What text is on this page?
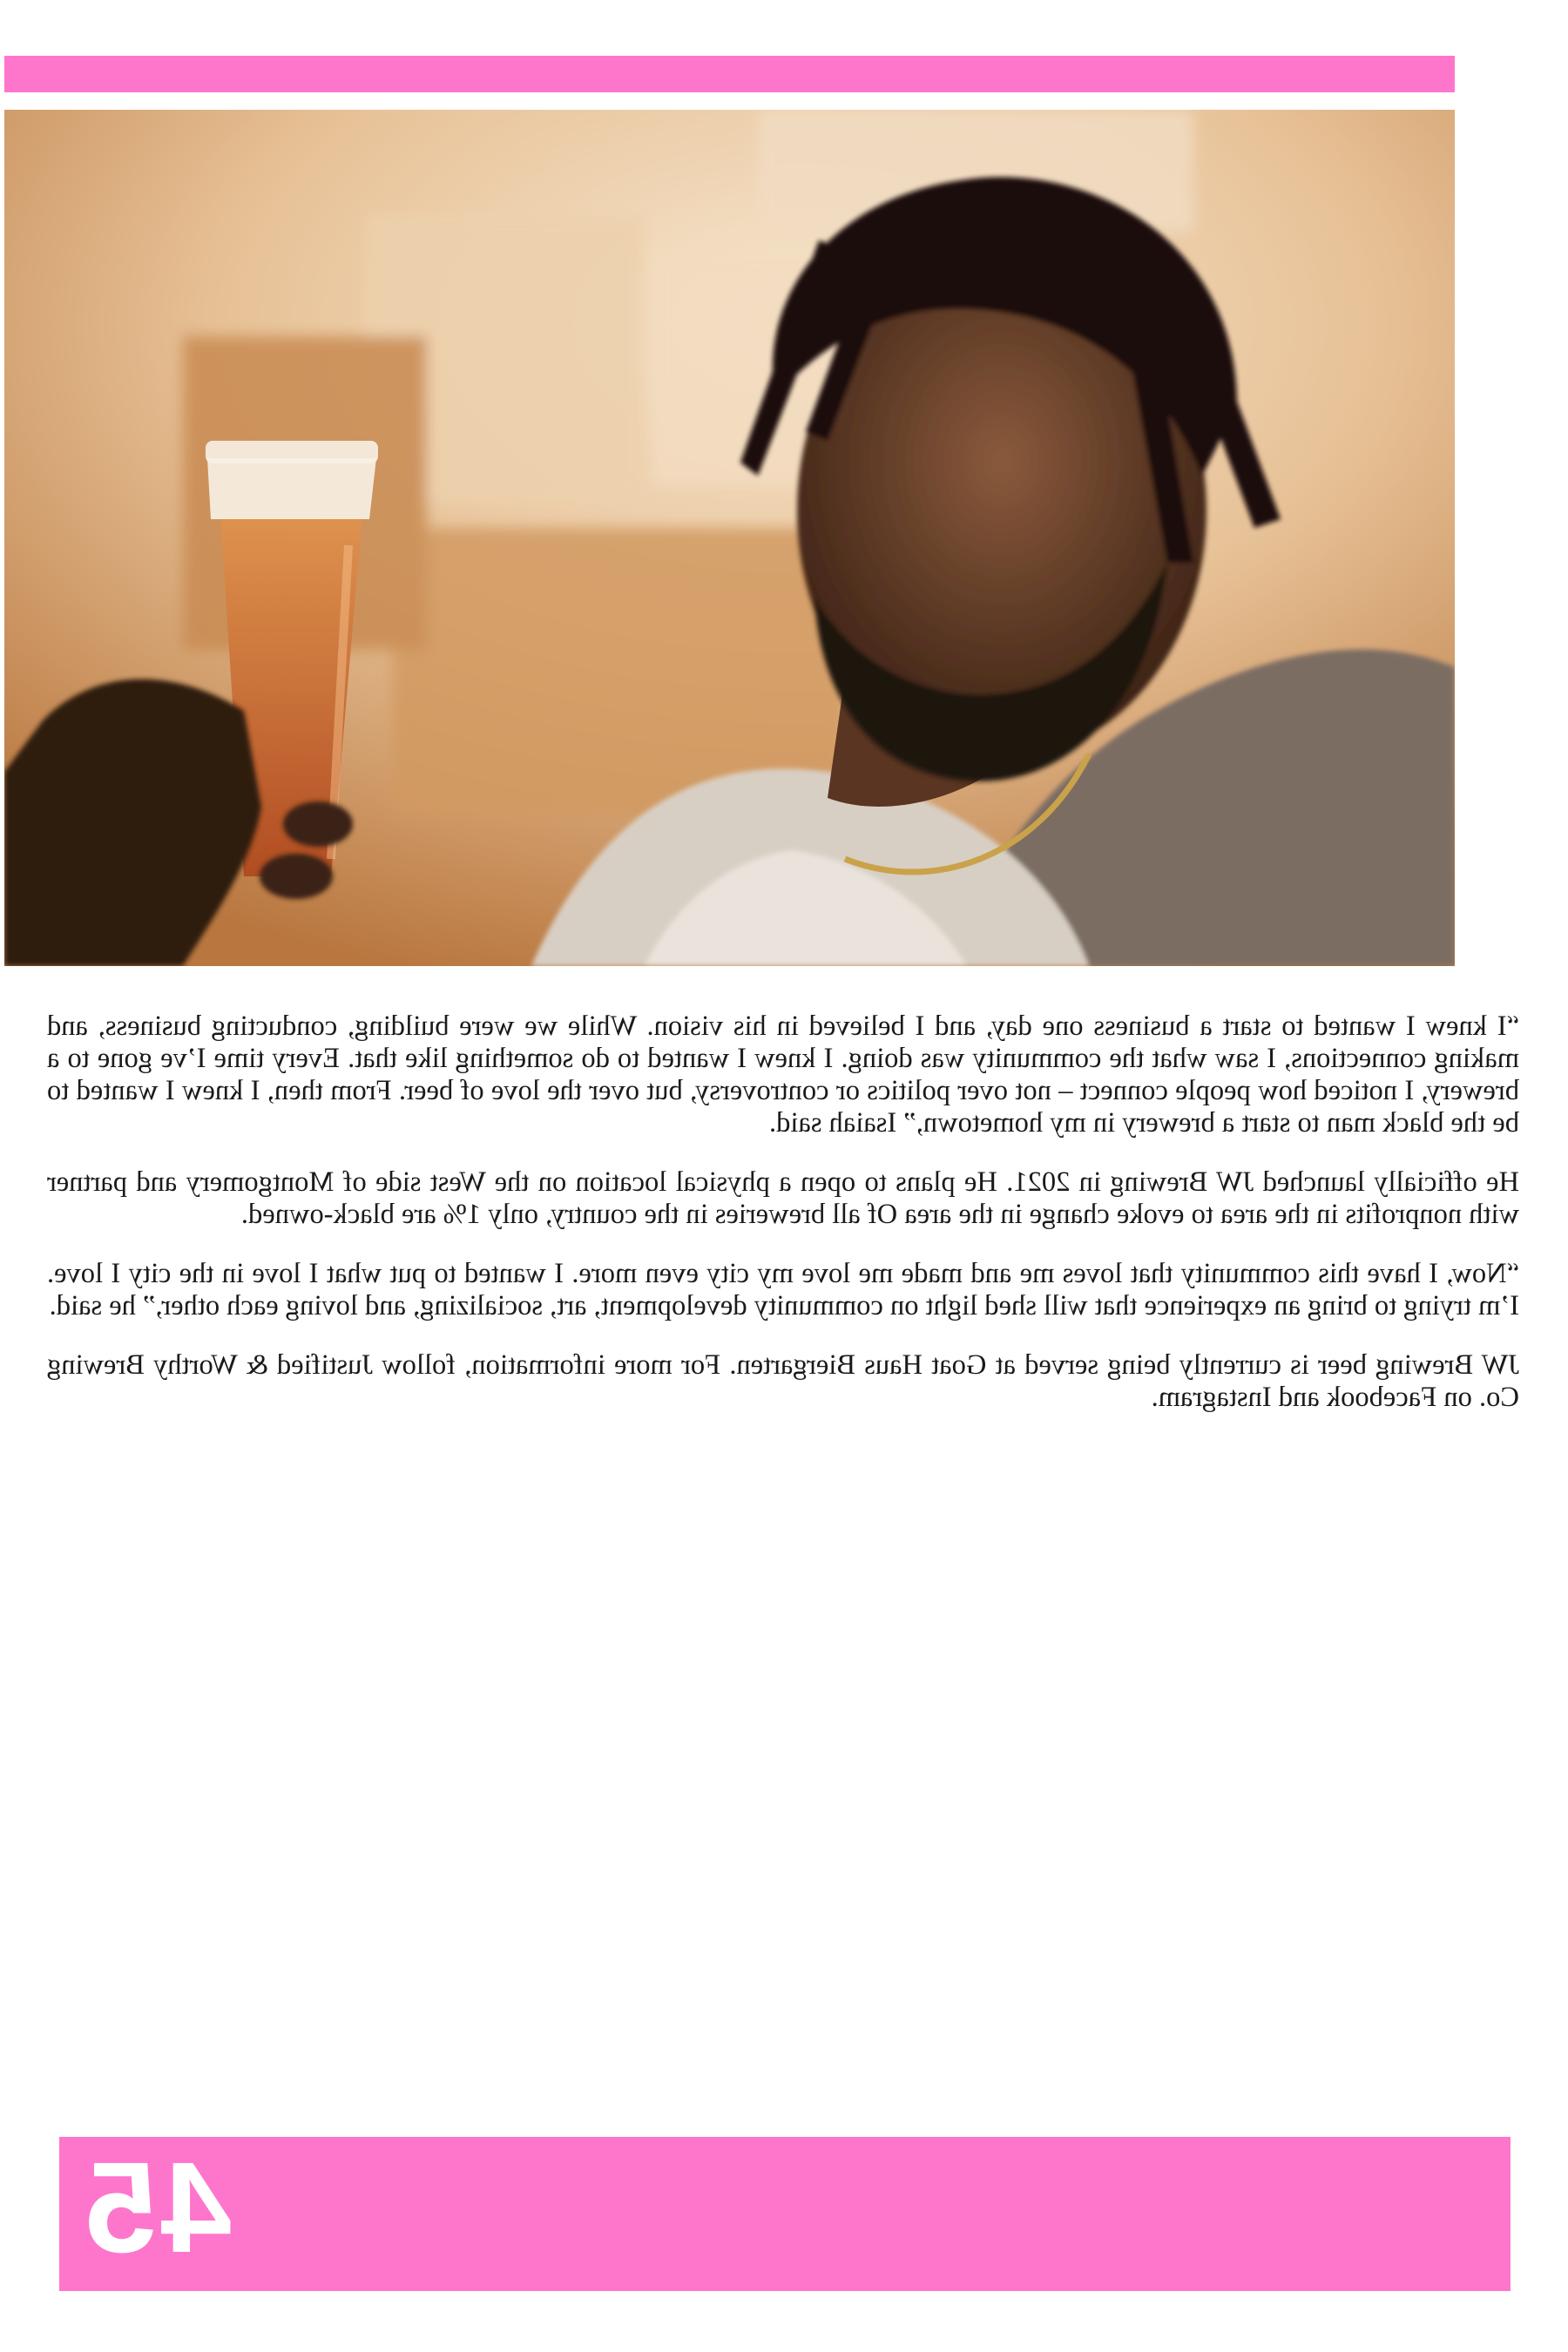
“I knew I wanted to start a business one day, and I believed in his vision. While we were building, conducting business, and making connections, I saw what the community was doing. I knew I wanted to do something like that. Every time I’ve gone to a brewery, I noticed how people connect – not over politics or controversy, but over the love of beer. From then, I knew I wanted to be the black man to start a brewery in my hometown,” Isaiah said.

He officially launched JW Brewing in 2021. He plans to open a physical location on the West side of Montgomery and partner with nonprofits in the area to evoke change in the area Of all breweries in the country, only 1% are black-owned.

“Now, I have this community that loves me and made me love my city even more. I wanted to put what I love in the city I love. I’m trying to bring an experience that will shed light on community development, art, socializing, and loving each other,” he said.

JW Brewing beer is currently being served at Goat Haus Biergarten. For more information, follow Justified & Worthy Brewing Co. on Facebook and Instagram.

45
